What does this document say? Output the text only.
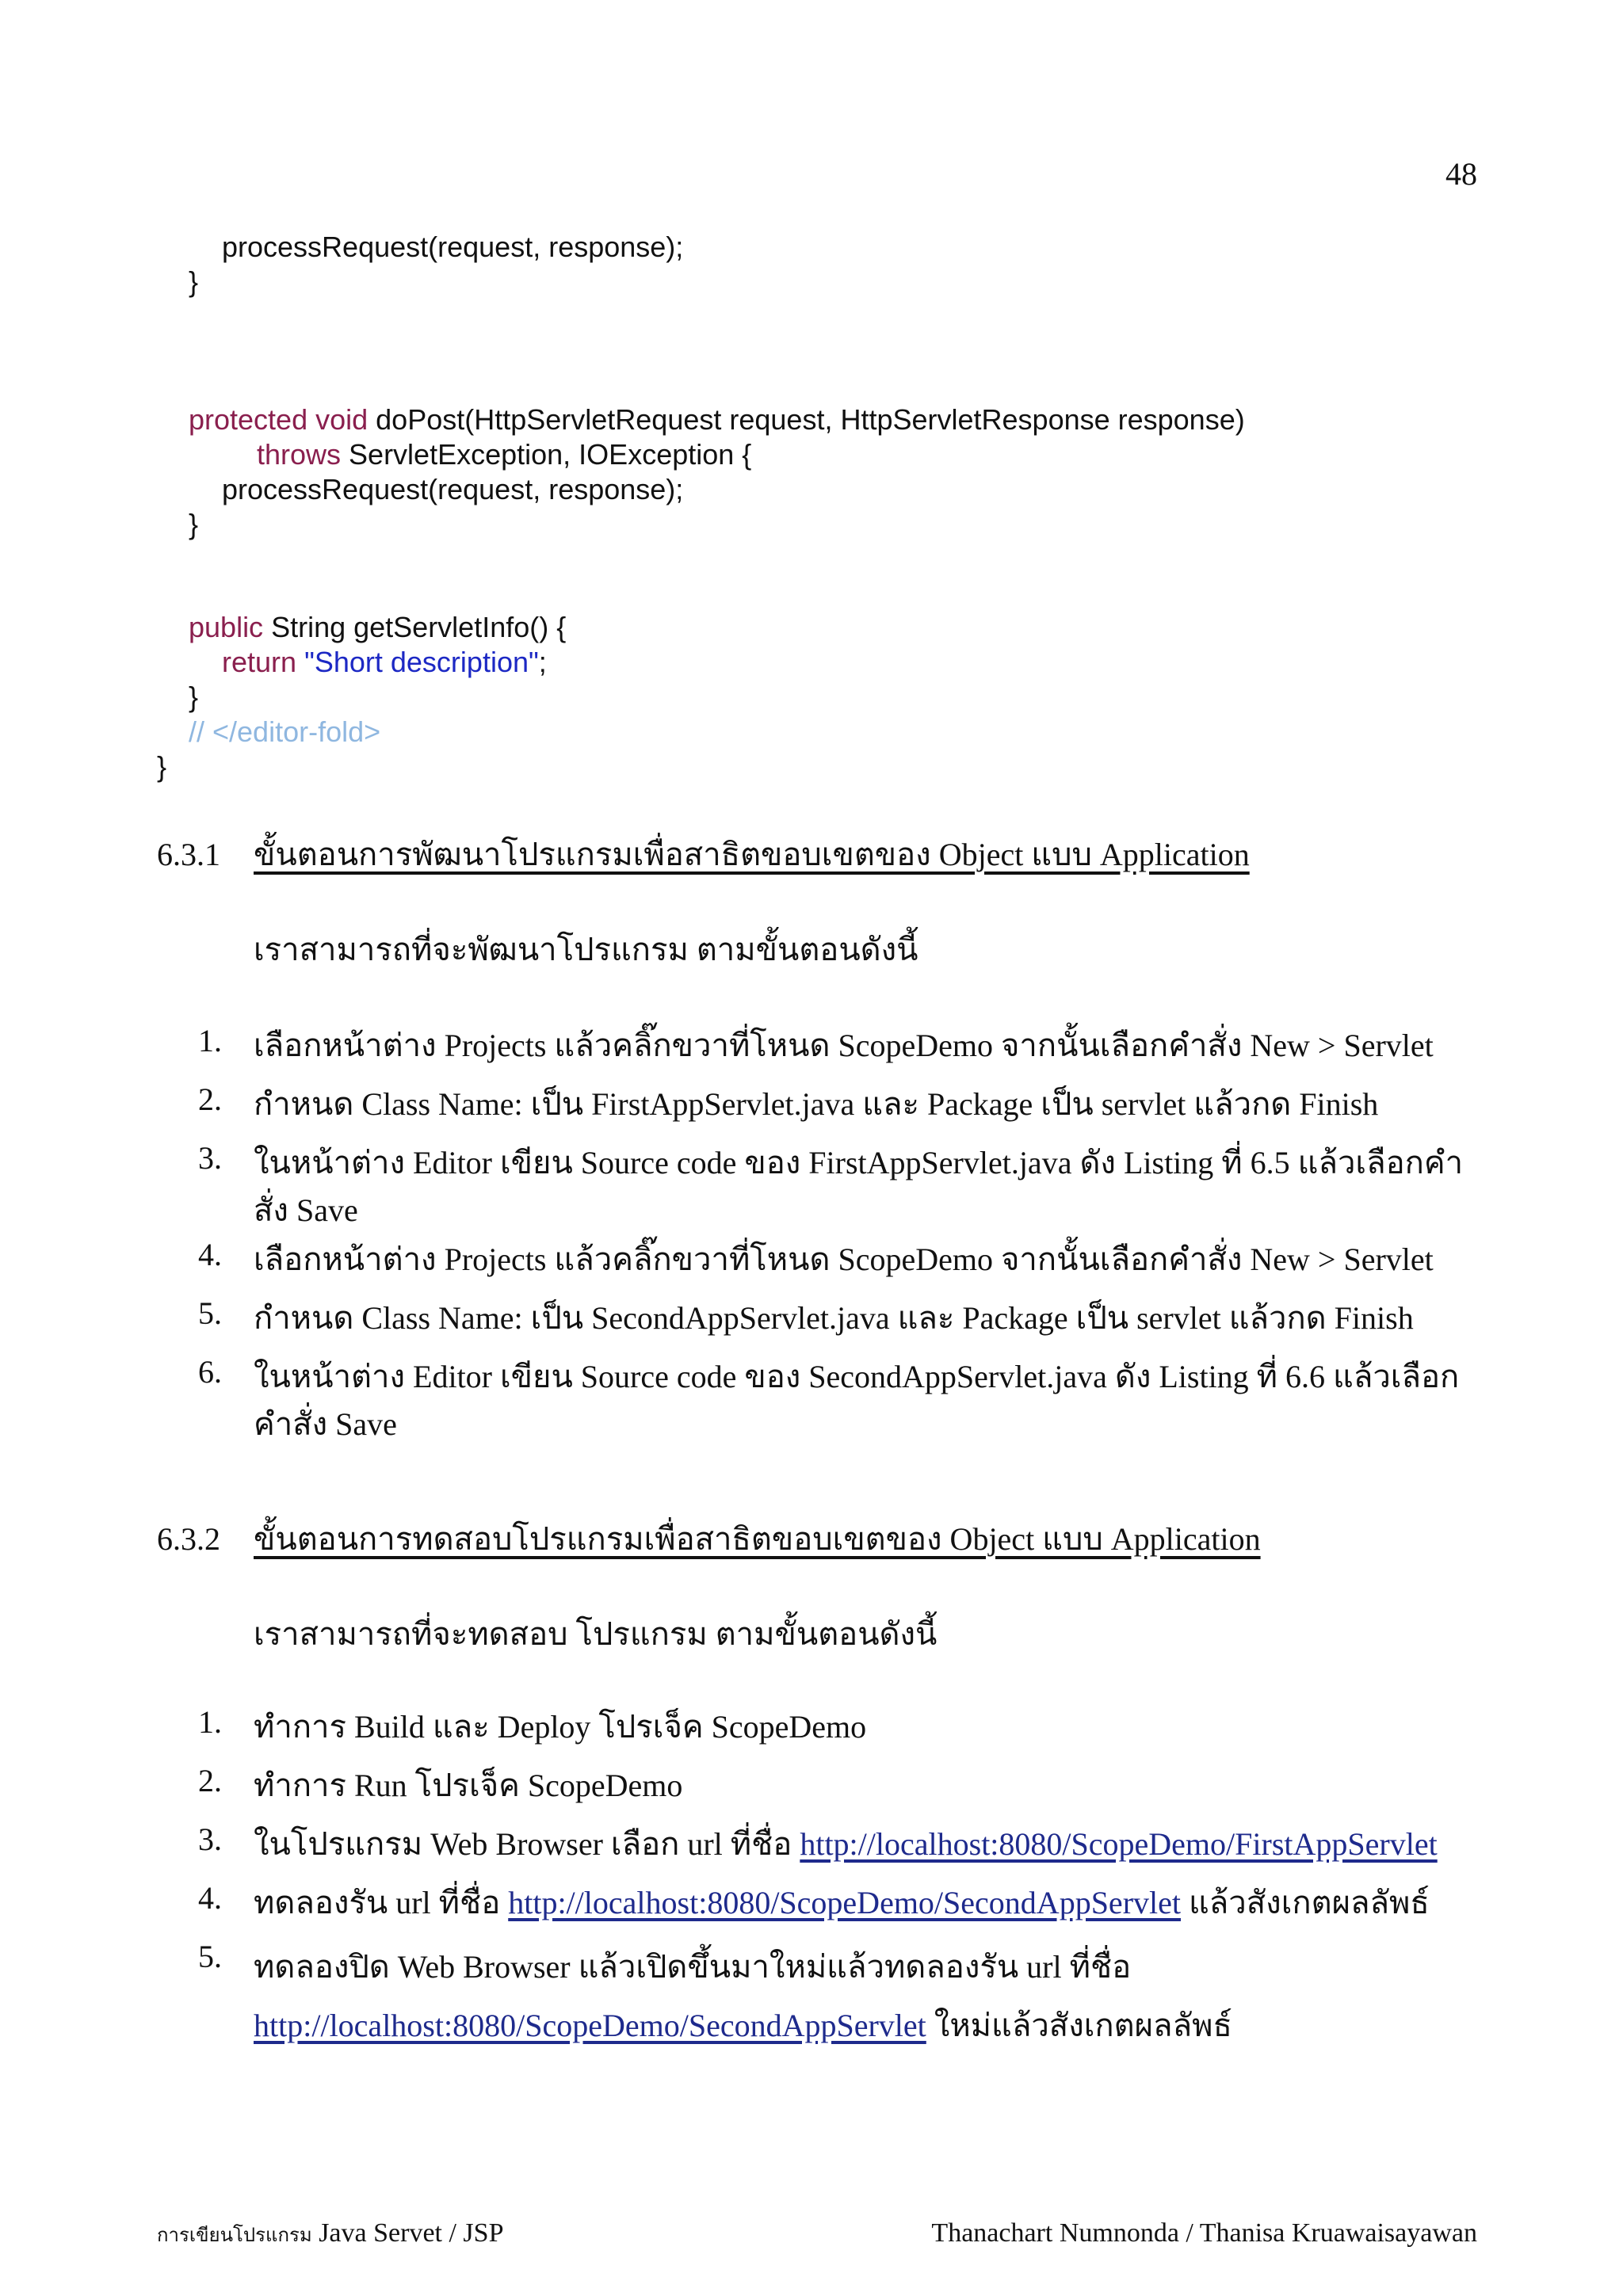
48
processRequest(request, response);
}
protected void doPost(HttpServletRequest request, HttpServletResponse response)
throws ServletException, IOException {
processRequest(request, response);
}
public String getServletInfo() {
return "Short description";
}
// </editor-fold>
}
6.3.1 ขั้นตอนการพัฒนาโปรแกรมเพื่อสาธิตขอบเขตของ Object แบบ Application
เราสามารถที่จะพัฒนาโปรแกรม ตามขั้นตอนดังนี้
1.	เลือกหน้าต่าง Projects แล้วคลิ๊กขวาที่โหนด ScopeDemo จากนั้นเลือกคำสั่ง New > Servlet
2.	กำหนด Class Name: เป็น FirstAppServlet.java และ Package เป็น servlet แล้วกด Finish
3.	ในหน้าต่าง Editor เขียน Source code ของ FirstAppServlet.java ดัง Listing ที่ 6.5 แล้วเลือกคำสั่ง Save
4.	เลือกหน้าต่าง Projects แล้วคลิ๊กขวาที่โหนด ScopeDemo จากนั้นเลือกคำสั่ง New > Servlet
5.	กำหนด Class Name: เป็น SecondAppServlet.java และ Package เป็น servlet แล้วกด Finish
6.	ในหน้าต่าง Editor เขียน Source code ของ SecondAppServlet.java ดัง Listing ที่ 6.6 แล้วเลือกคำสั่ง Save
6.3.2 ขั้นตอนการทดสอบโปรแกรมเพื่อสาธิตขอบเขตของ Object แบบ Application
เราสามารถที่จะทดสอบ โปรแกรม ตามขั้นตอนดังนี้
1.	ทำการ Build และ Deploy โปรเจ็ค ScopeDemo
2.	ทำการ Run โปรเจ็ค ScopeDemo
3.	ในโปรแกรม Web Browser เลือก url ที่ชื่อ http://localhost:8080/ScopeDemo/FirstAppServlet
4.	ทดลองรัน url ที่ชื่อ http://localhost:8080/ScopeDemo/SecondAppServlet แล้วสังเกตผลลัพธ์
5.	ทดลองปิด Web Browser แล้วเปิดขึ้นมาใหม่แล้วทดลองรัน url ที่ชื่อ http://localhost:8080/ScopeDemo/SecondAppServlet ใหม่แล้วสังเกตผลลัพธ์
การเขียนโปรแกรม Java Servet / JSP	Thanachart Numnonda / Thanisa Kruawaisayawan
